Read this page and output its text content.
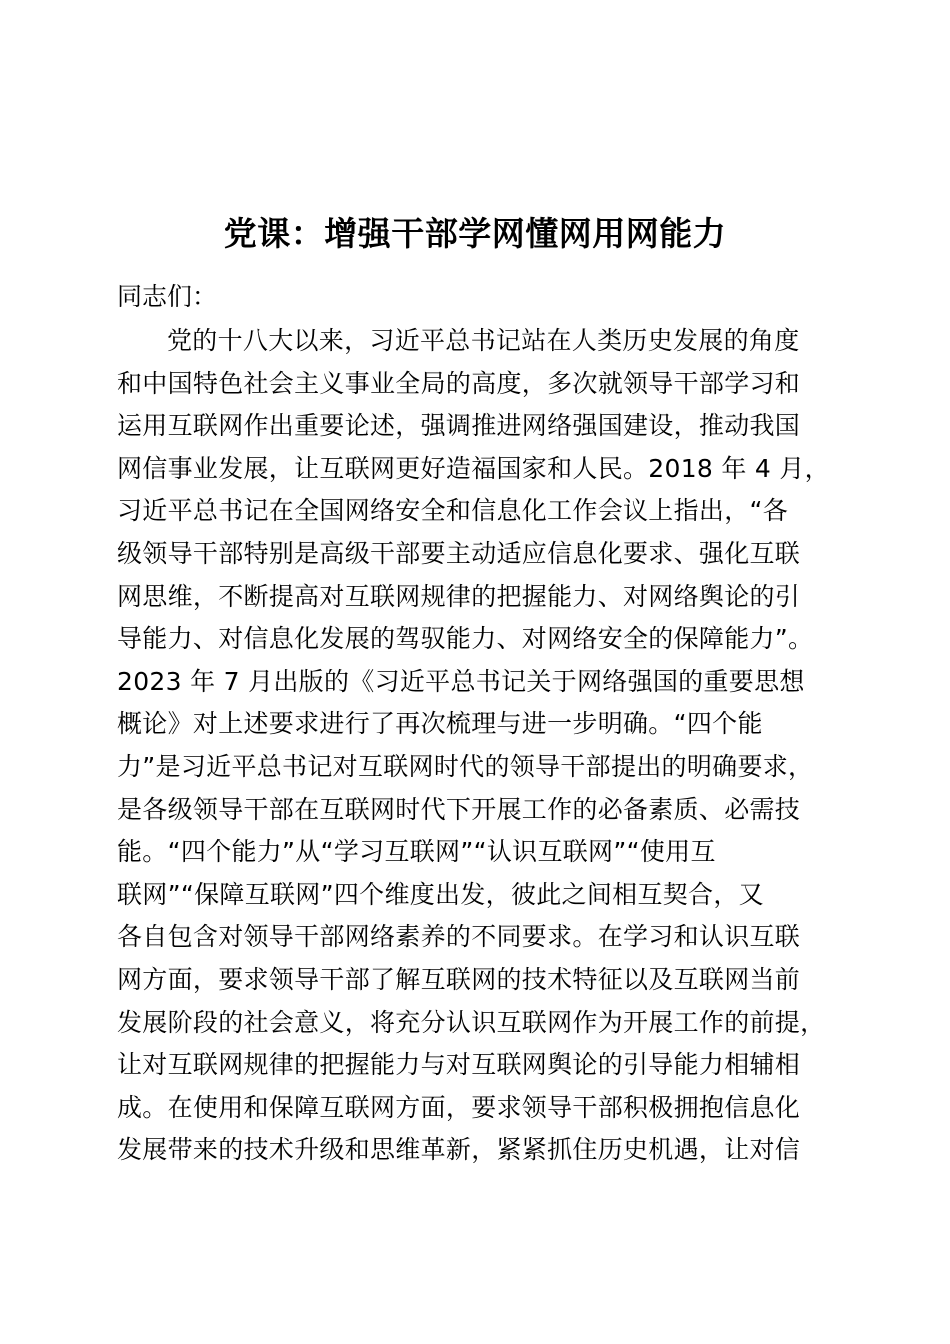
党课：增强干部学网懂网用网能力
同志们：
党的十八大以来，习近平总书记站在人类历史发展的角度
和中国特色社会主义事业全局的高度，多次就领导干部学习和
运用互联网作出重要论述，强调推进网络强国建设，推动我国
网信事业发展，让互联网更好造福国家和人民。2018 年 4 月，
习近平总书记在全国网络安全和信息化工作会议上指出，“各
级领导干部特别是高级干部要主动适应信息化要求、强化互联
网思维，不断提高对互联网规律的把握能力、对网络舆论的引
导能力、对信息化发展的驾驭能力、对网络安全的保障能力”。
2023 年 7 月出版的《习近平总书记关于网络强国的重要思想
概论》对上述要求进行了再次梳理与进一步明确。“四个能
力”是习近平总书记对互联网时代的领导干部提出的明确要求，
是各级领导干部在互联网时代下开展工作的必备素质、必需技
能。“四个能力”从“学习互联网”“认识互联网”“使用互
联网”“保障互联网”四个维度出发，彼此之间相互契合，又
各自包含对领导干部网络素养的不同要求。在学习和认识互联
网方面，要求领导干部了解互联网的技术特征以及互联网当前
发展阶段的社会意义，将充分认识互联网作为开展工作的前提，
让对互联网规律的把握能力与对互联网舆论的引导能力相辅相
成。在使用和保障互联网方面，要求领导干部积极拥抱信息化
发展带来的技术升级和思维革新，紧紧抓住历史机遇，让对信
